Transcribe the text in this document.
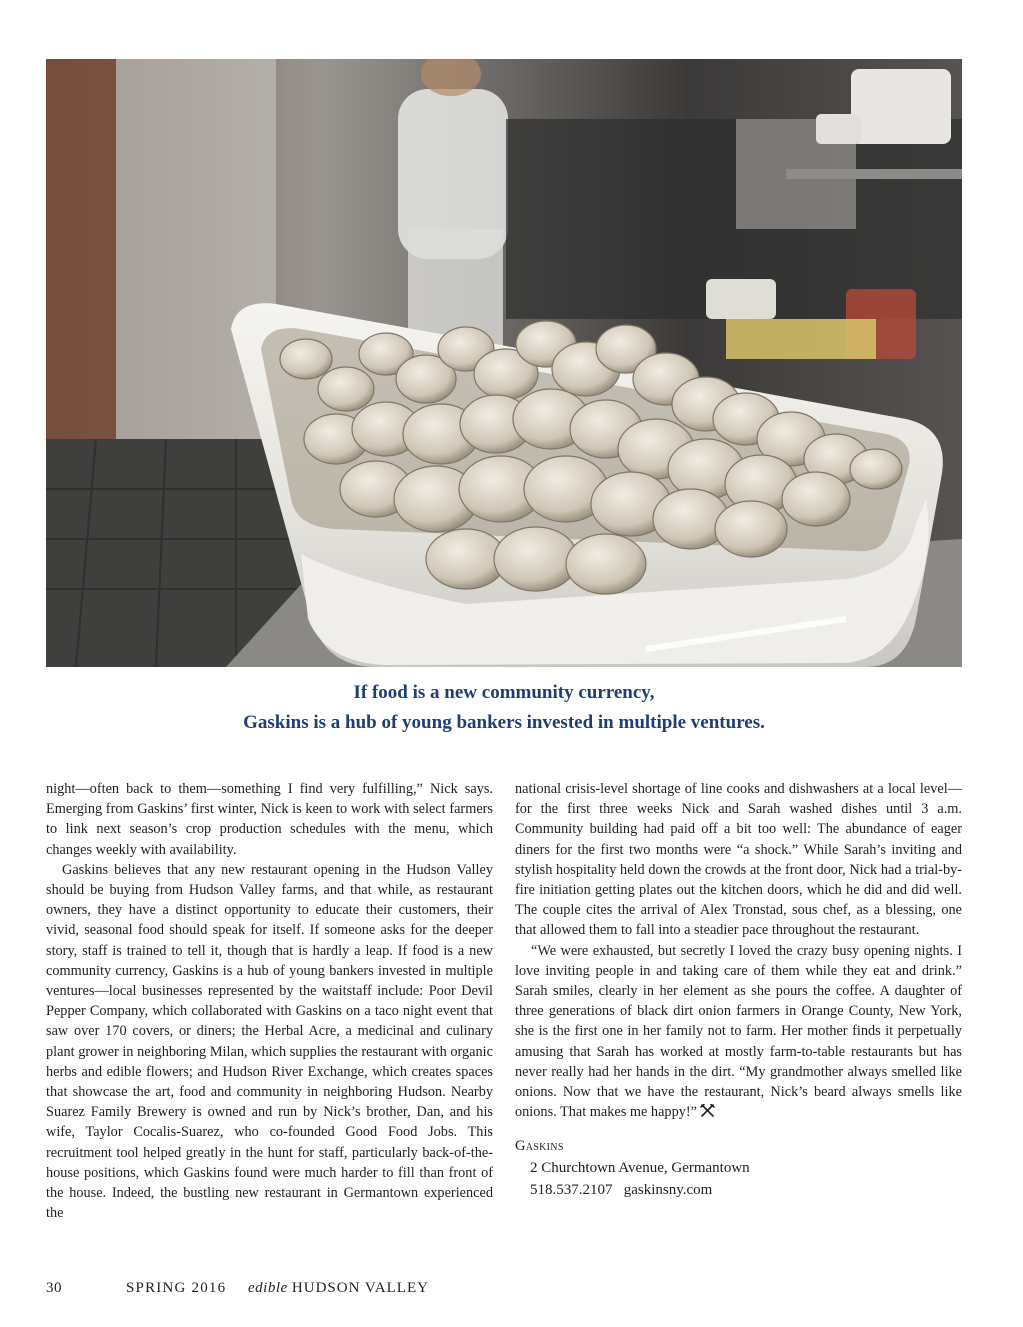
If food is a new community currency,
Gaskins is a hub of young bankers invested in multiple ventures.

night—often back to them—something I find very fulfilling,” Nick says. Emerging from Gaskins’ first winter, Nick is keen to work with select farmers to link next season’s crop production schedules with the menu, which changes weekly with availability.

Gaskins believes that any new restaurant opening in the Hudson Valley should be buying from Hudson Valley farms, and that while, as restaurant owners, they have a distinct opportunity to educate their customers, their vivid, seasonal food should speak for itself. If someone asks for the deeper story, staff is trained to tell it, though that is hardly a leap. If food is a new community currency, Gaskins is a hub of young bankers invested in multiple ventures—local businesses represented by the waitstaff include: Poor Devil Pepper Company, which collaborated with Gaskins on a taco night event that saw over 170 covers, or diners; the Herbal Acre, a medicinal and culinary plant grower in neighboring Milan, which supplies the restaurant with organic herbs and edible flowers; and Hudson River Exchange, which creates spaces that showcase the art, food and community in neighboring Hudson. Nearby Suarez Family Brewery is owned and run by Nick’s brother, Dan, and his wife, Taylor Cocalis-Suarez, who co-founded Good Food Jobs. This recruitment tool helped greatly in the hunt for staff, particularly back-of-the-house positions, which Gaskins found were much harder to fill than front of the house. Indeed, the bustling new restaurant in Germantown experienced the

national crisis-level shortage of line cooks and dishwashers at a local level—for the first three weeks Nick and Sarah washed dishes until 3 a.m. Community building had paid off a bit too well: The abundance of eager diners for the first two months were “a shock.” While Sarah’s inviting and stylish hospitality held down the crowds at the front door, Nick had a trial-by-fire initiation getting plates out the kitchen doors, which he did and did well. The couple cites the arrival of Alex Tronstad, sous chef, as a blessing, one that allowed them to fall into a steadier pace throughout the restaurant.

“We were exhausted, but secretly I loved the crazy busy opening nights. I love inviting people in and taking care of them while they eat and drink.” Sarah smiles, clearly in her element as she pours the coffee. A daughter of three generations of black dirt onion farmers in Orange County, New York, she is the first one in her family not to farm. Her mother finds it perpetually amusing that Sarah has worked at mostly farm-to-table restaurants but has never really had her hands in the dirt. “My grandmother always smelled like onions. Now that we have the restaurant, Nick’s beard always smells like onions. That makes me happy!”

Gaskins
2 Churchtown Avenue, Germantown
518.537.2107 gaskinsny.com
30	SPRING 2016 edible HUDSON VALLEY
